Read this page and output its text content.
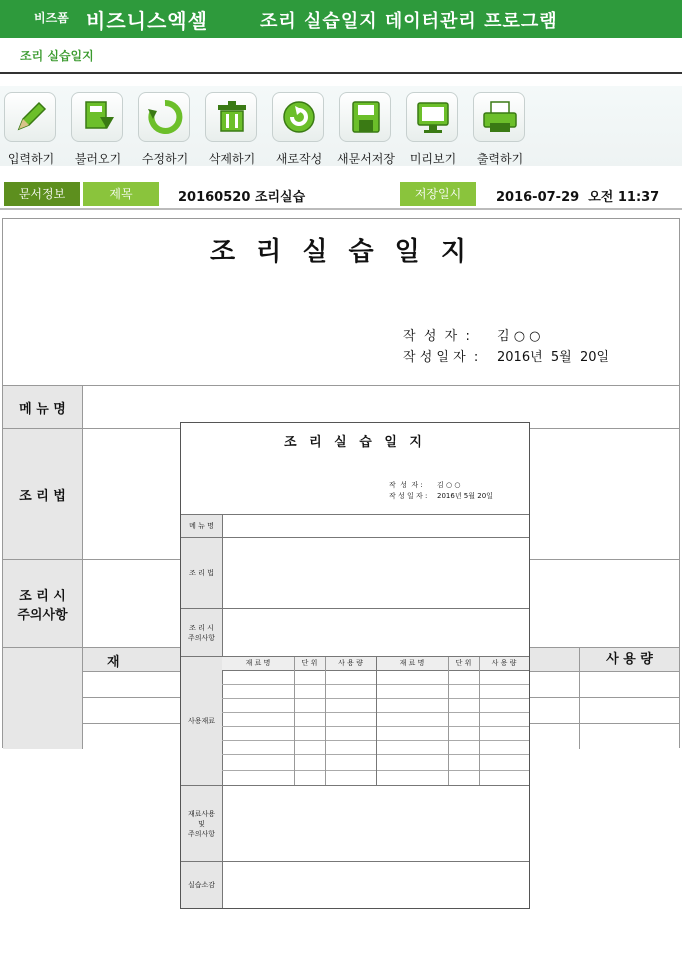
비즈폼 비즈니스엑셀	조리 실습일지 데이터관리 프로그램
조리 실습일지
입력하기	불러오기	수정하기	삭제하기	새로작성	새문서저장	미리보기	출력하기
문서정보	제목	20160520 조리실습	저장일시	2016-07-29  오전 11:37
조 리 실 습 일 지
작  성  자  : 김 ○ ○
작 성 일 자  : 2016년  5월  20일
메 뉴 명
조 리 법
조 리 시
주의사항
재	사 용 량
조 리 실 습 일 지
작  성  자 : 김 ○ ○
작 성 일 자 : 2016년 5월 20일
메 뉴 명
조 리 법
조 리 시
주의사항
사용재료
재 료 명	단 위	사 용 량	재 료 명	단 위	사 용 량
재료사용
및
주의사항
실습소감
